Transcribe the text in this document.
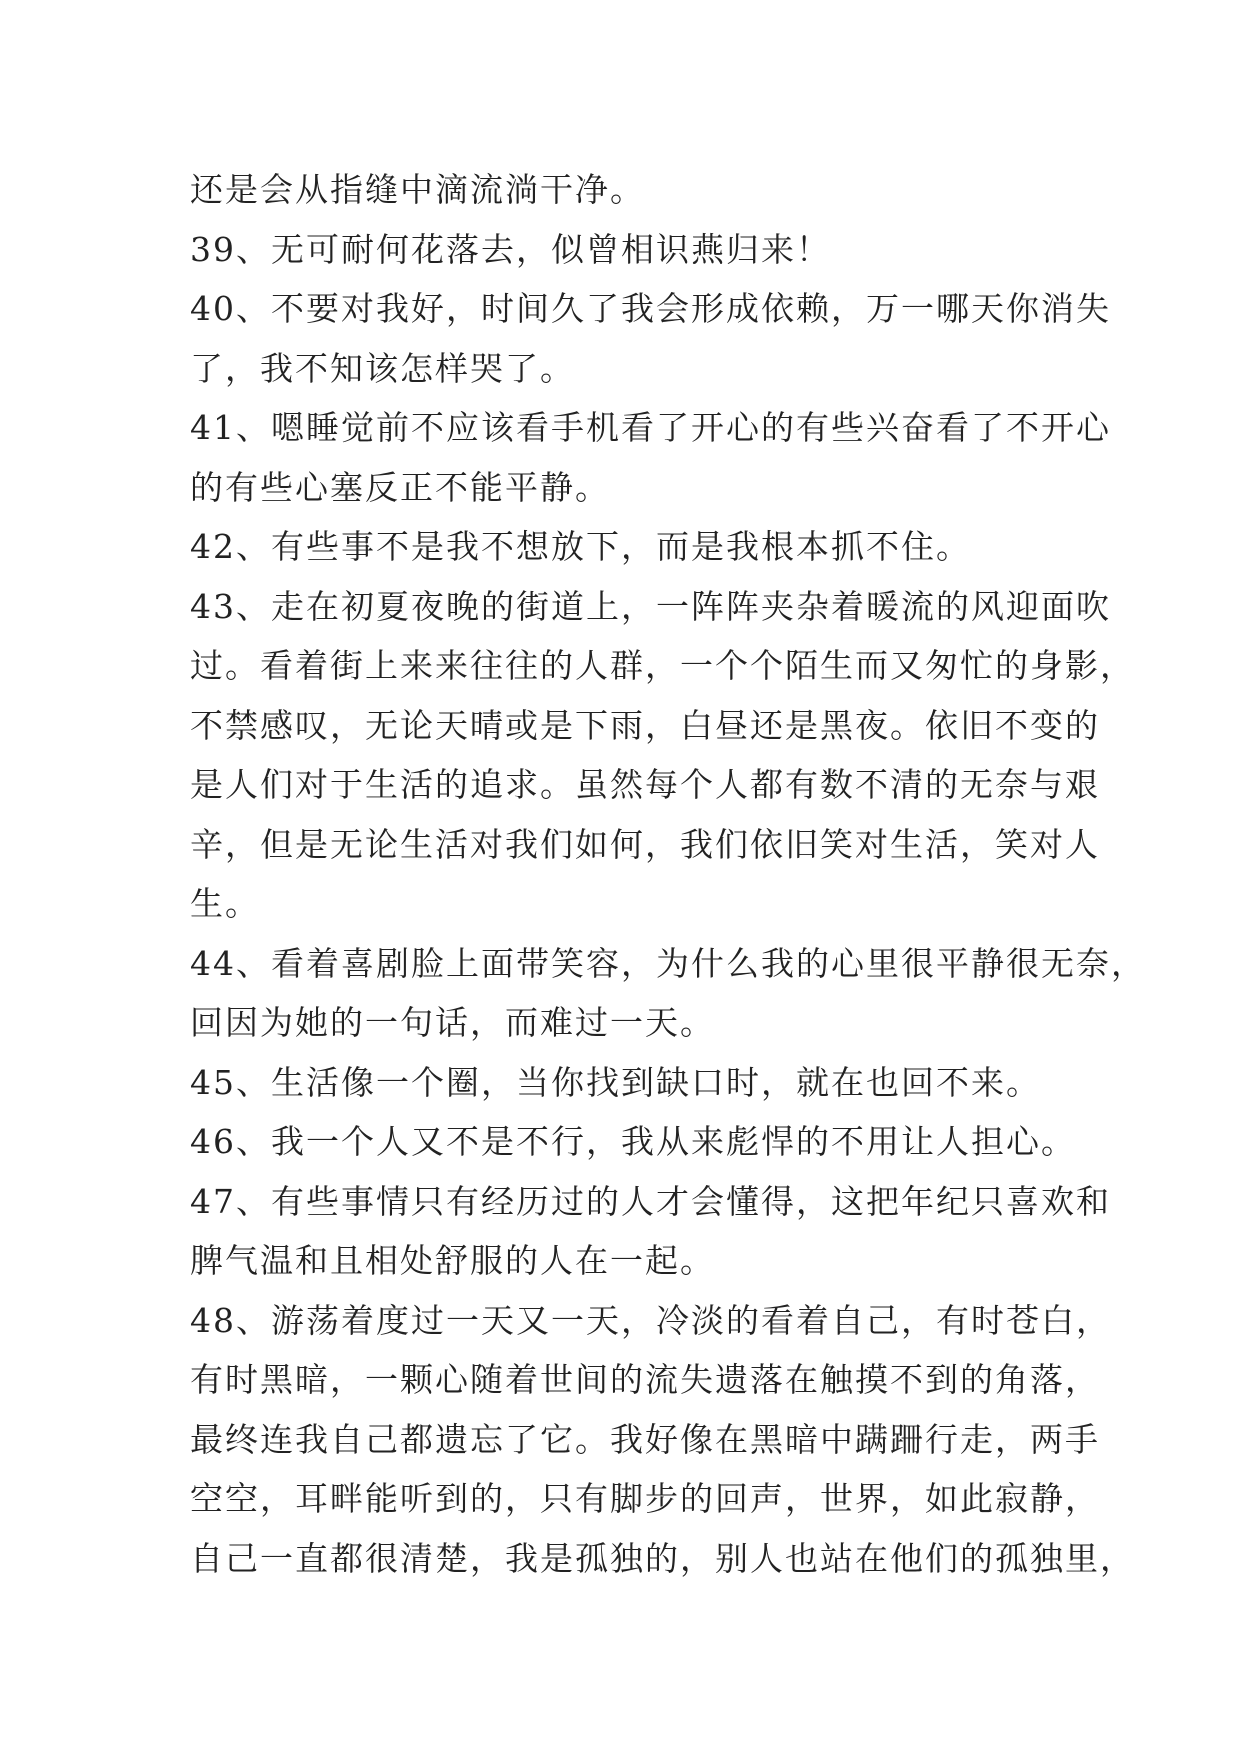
还是会从指缝中滴流淌干净。
39、无可耐何花落去，似曾相识燕归来！
40、不要对我好，时间久了我会形成依赖，万一哪天你消失
了，我不知该怎样哭了。
41、嗯睡觉前不应该看手机看了开心的有些兴奋看了不开心
的有些心塞反正不能平静。
42、有些事不是我不想放下，而是我根本抓不住。
43、走在初夏夜晚的街道上，一阵阵夹杂着暖流的风迎面吹
过。看着街上来来往往的人群，一个个陌生而又匆忙的身影，
不禁感叹，无论天晴或是下雨，白昼还是黑夜。依旧不变的
是人们对于生活的追求。虽然每个人都有数不清的无奈与艰
辛，但是无论生活对我们如何，我们依旧笑对生活，笑对人
生。
44、看着喜剧脸上面带笑容，为什么我的心里很平静很无奈，
回因为她的一句话，而难过一天。
45、生活像一个圈，当你找到缺口时，就在也回不来。
46、我一个人又不是不行，我从来彪悍的不用让人担心。
47、有些事情只有经历过的人才会懂得，这把年纪只喜欢和
脾气温和且相处舒服的人在一起。
48、游荡着度过一天又一天，冷淡的看着自己，有时苍白，
有时黑暗，一颗心随着世间的流失遗落在触摸不到的角落，
最终连我自己都遗忘了它。我好像在黑暗中蹒跚行走，两手
空空，耳畔能听到的，只有脚步的回声，世界，如此寂静，
自己一直都很清楚，我是孤独的，别人也站在他们的孤独里，
